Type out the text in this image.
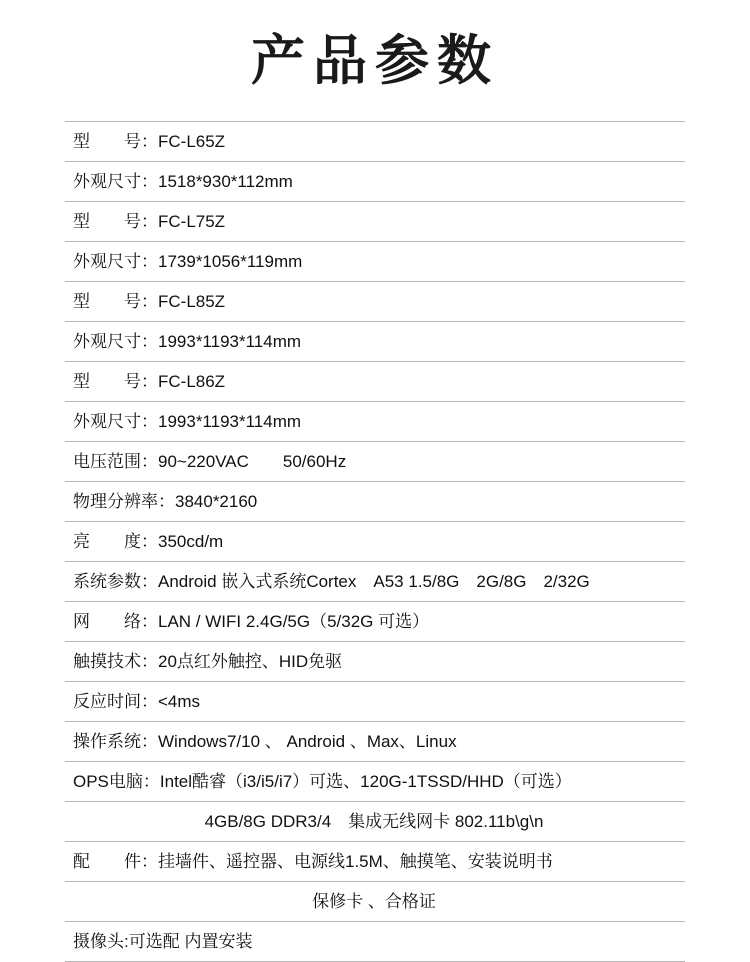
产品参数
型　　号：FC-L65Z
外观尺寸：1518*930*112mm
型　　号：FC-L75Z
外观尺寸：1739*1056*119mm
型　　号：FC-L85Z
外观尺寸：1993*1193*114mm
型　　号：FC-L86Z
外观尺寸：1993*1193*114mm
电压范围：90~220VAC　　50/60Hz
物理分辨率：3840*2160
亮　　度：350cd/m
系统参数：Android 嵌入式系统Cortex　A53 1.5/8G　2G/8G　2/32G
网　　络：LAN / WIFI 2.4G/5G（5/32G 可选）
触摸技术：20点红外触控、HID免驱
反应时间：<4ms
操作系统：Windows7/10 、 Android 、Max、Linux
OPS电脑：Intel酷睿（i3/i5/i7）可选、120G-1TSSD/HHD（可选）
4GB/8G DDR3/4　集成无线网卡 802.11b\g\n
配　　件：挂墙件、遥控器、电源线1.5M、触摸笔、安装说明书
保修卡 、合格证
摄像头:可选配 内置安装
